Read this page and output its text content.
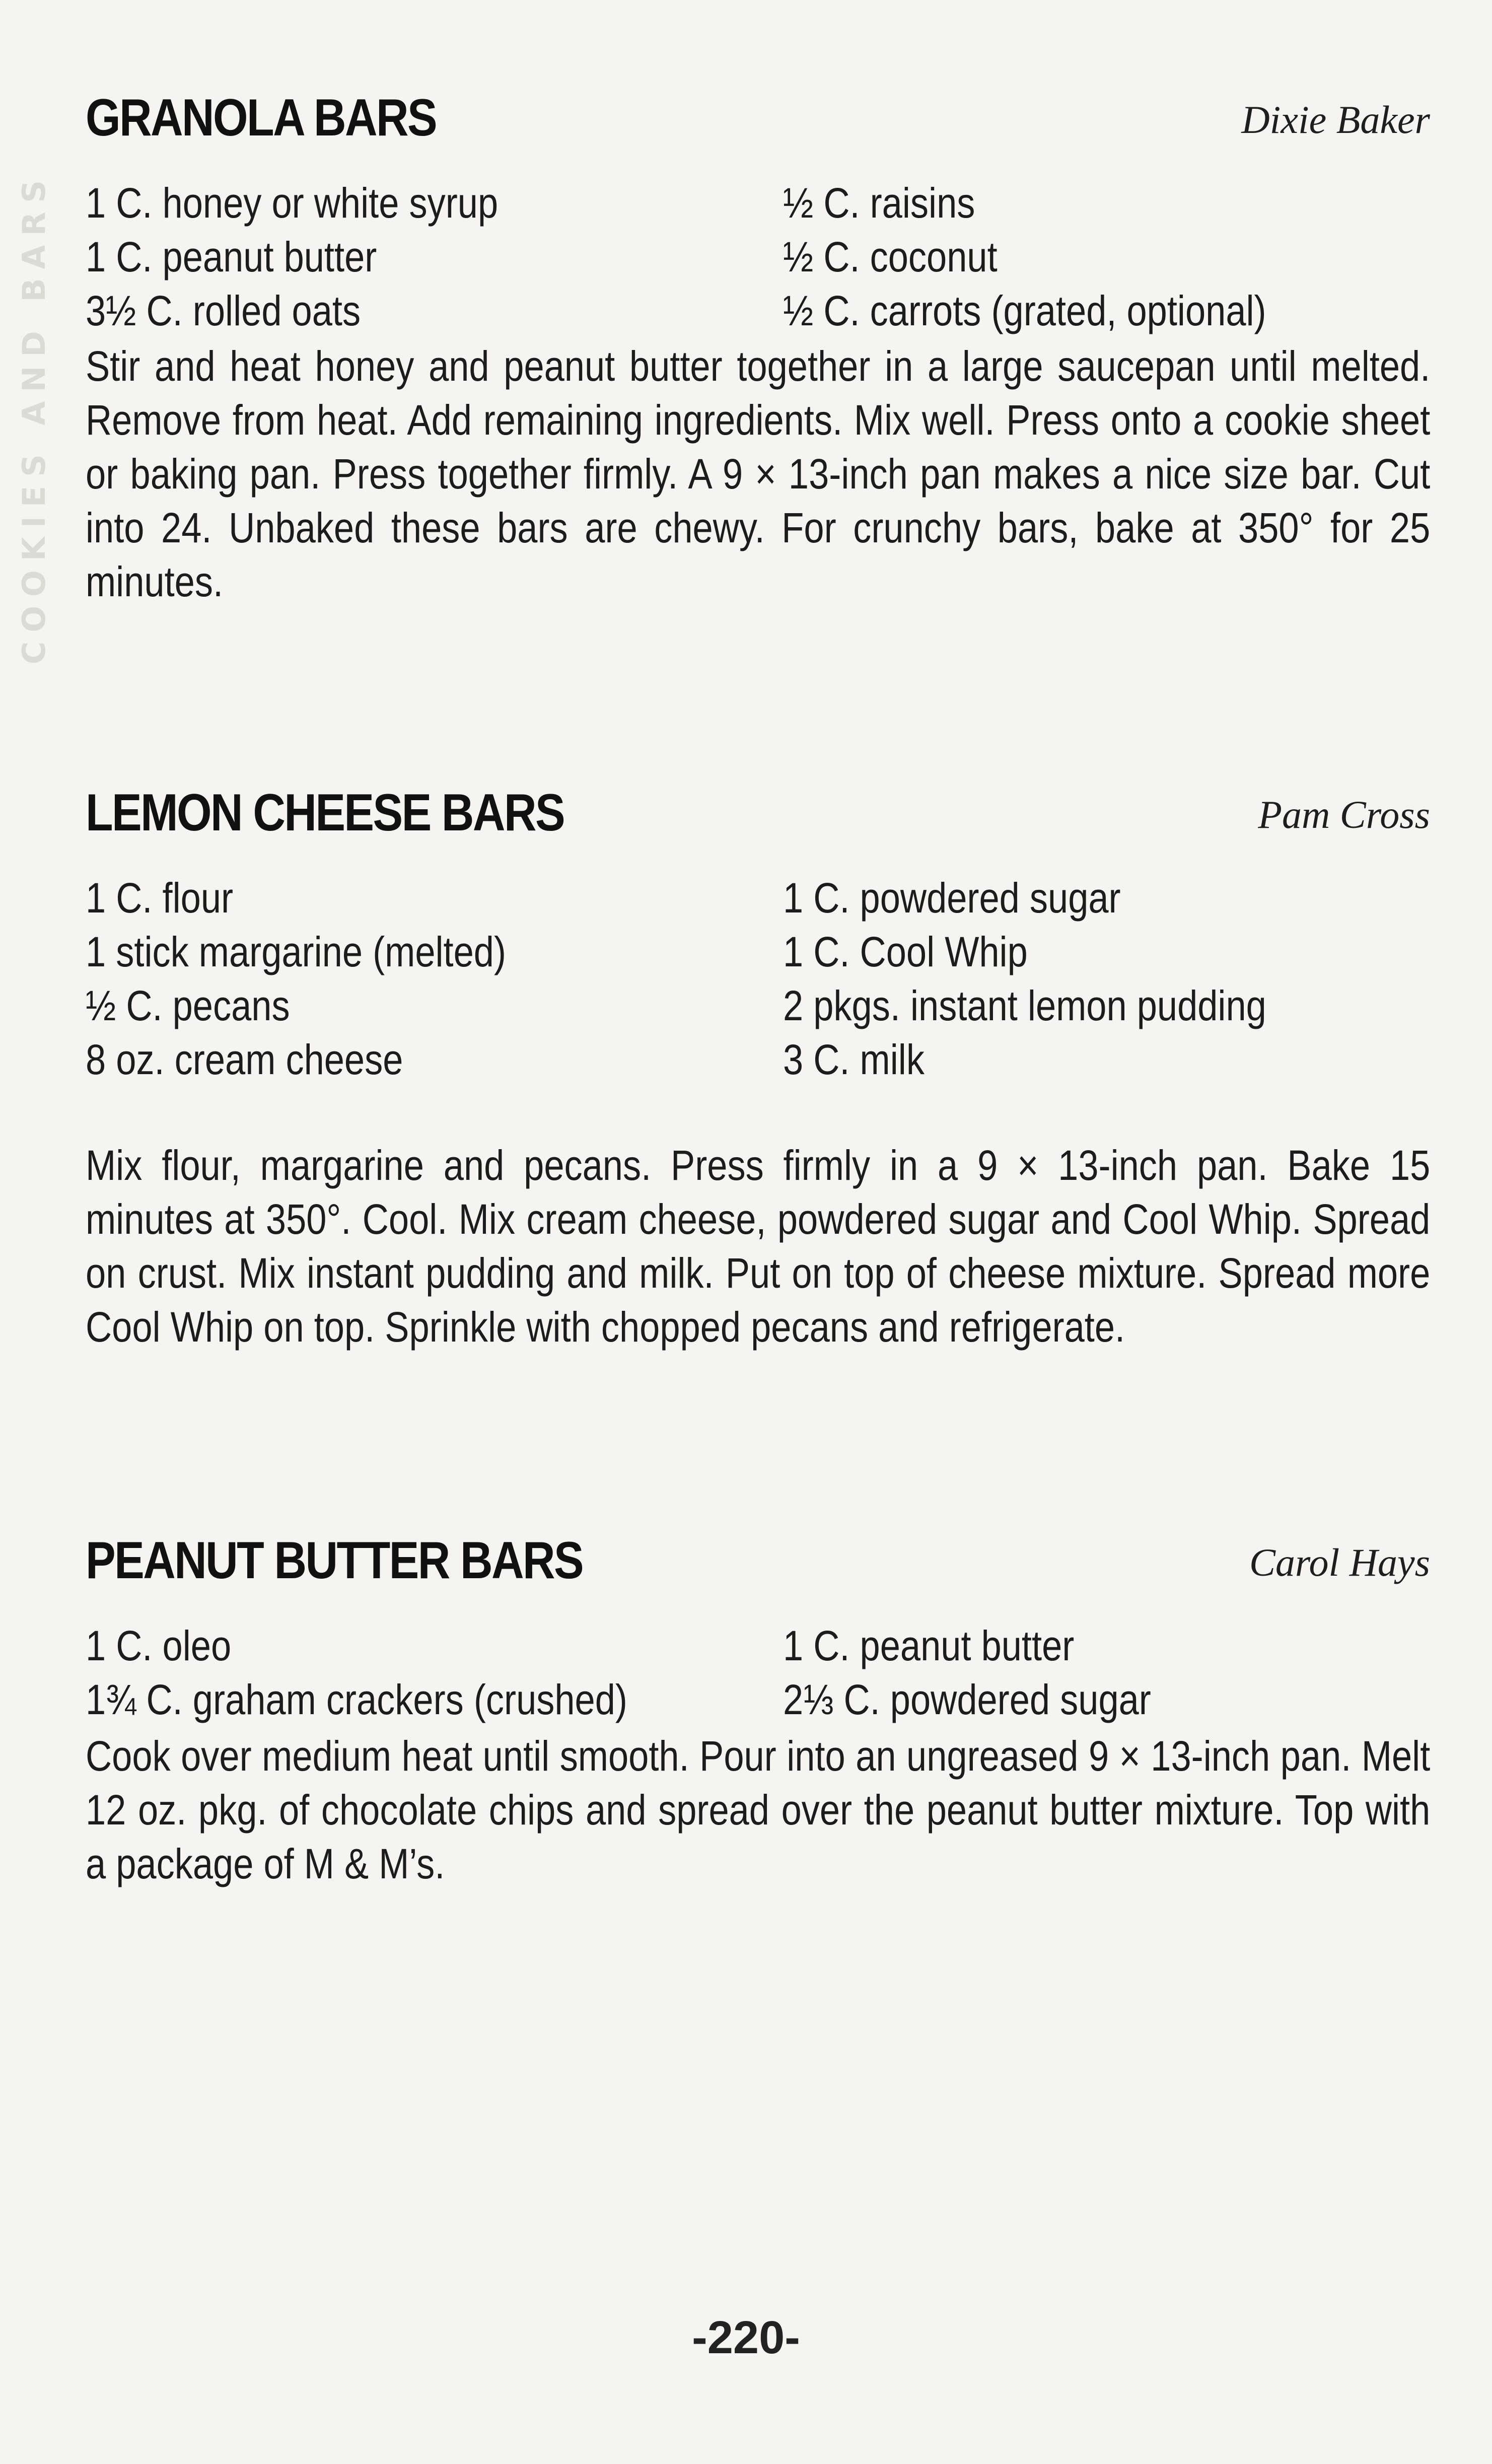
COOKIES AND BARS
GRANOLA BARS	Dixie Baker
1 C. honey or white syrup	½ C. raisins
1 C. peanut butter	½ C. coconut
3½ C. rolled oats	½ C. carrots (grated, optional)
Stir and heat honey and peanut butter together in a large saucepan until melted. Remove from heat. Add remaining ingredients. Mix well. Press onto a cookie sheet or baking pan. Press together firmly. A 9 × 13-inch pan makes a nice size bar. Cut into 24. Unbaked these bars are chewy. For crunchy bars, bake at 350° for 25 minutes.
LEMON CHEESE BARS	Pam Cross
1 C. flour	1 C. powdered sugar
1 stick margarine (melted)	1 C. Cool Whip
½ C. pecans	2 pkgs. instant lemon pudding
8 oz. cream cheese	3 C. milk
Mix flour, margarine and pecans. Press firmly in a 9 × 13-inch pan. Bake 15 minutes at 350°. Cool. Mix cream cheese, powdered sugar and Cool Whip. Spread on crust. Mix instant pudding and milk. Put on top of cheese mixture. Spread more Cool Whip on top. Sprinkle with chopped pecans and refrigerate.
PEANUT BUTTER BARS	Carol Hays
1 C. oleo	1 C. peanut butter
1¾ C. graham crackers (crushed)	2⅓ C. powdered sugar
Cook over medium heat until smooth. Pour into an ungreased 9 × 13-inch pan. Melt 12 oz. pkg. of chocolate chips and spread over the peanut butter mixture. Top with a package of M & M’s.
-220-
